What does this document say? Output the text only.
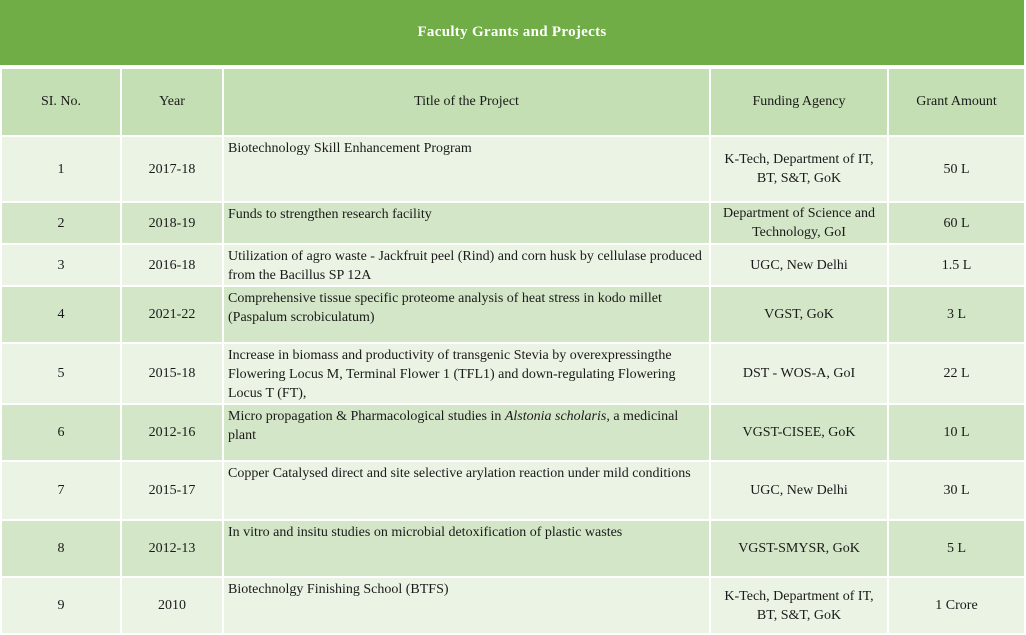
Faculty Grants and Projects
SI. No.	Year	Title of the Project	Funding Agency	Grant Amount
1	2017-18	Biotechnology Skill Enhancement Program	K-Tech, Department of IT, BT, S&T, GoK	50 L
2	2018-19	Funds to strengthen research facility	Department of Science and Technology, GoI	60 L
3	2016-18	Utilization of agro waste - Jackfruit peel (Rind) and corn husk by cellulase produced from the Bacillus SP 12A	UGC, New Delhi	1.5 L
4	2021-22	Comprehensive tissue specific proteome analysis of heat stress in kodo millet (Paspalum scrobiculatum)	VGST, GoK	3 L
5	2015-18	Increase in biomass and productivity of transgenic Stevia by overexpressingthe Flowering Locus M, Terminal Flower 1 (TFL1) and down-regulating Flowering Locus T (FT),	DST - WOS-A, GoI	22 L
6	2012-16	Micro propagation & Pharmacological studies in Alstonia scholaris, a medicinal plant	VGST-CISEE, GoK	10 L
7	2015-17	Copper Catalysed direct and site selective arylation reaction under mild conditions	UGC, New Delhi	30 L
8	2012-13	In vitro and insitu studies on microbial detoxification of plastic wastes	VGST-SMYSR, GoK	5 L
9	2010	Biotechnolgy Finishing School (BTFS)	K-Tech, Department of IT, BT, S&T, GoK	1 Crore
